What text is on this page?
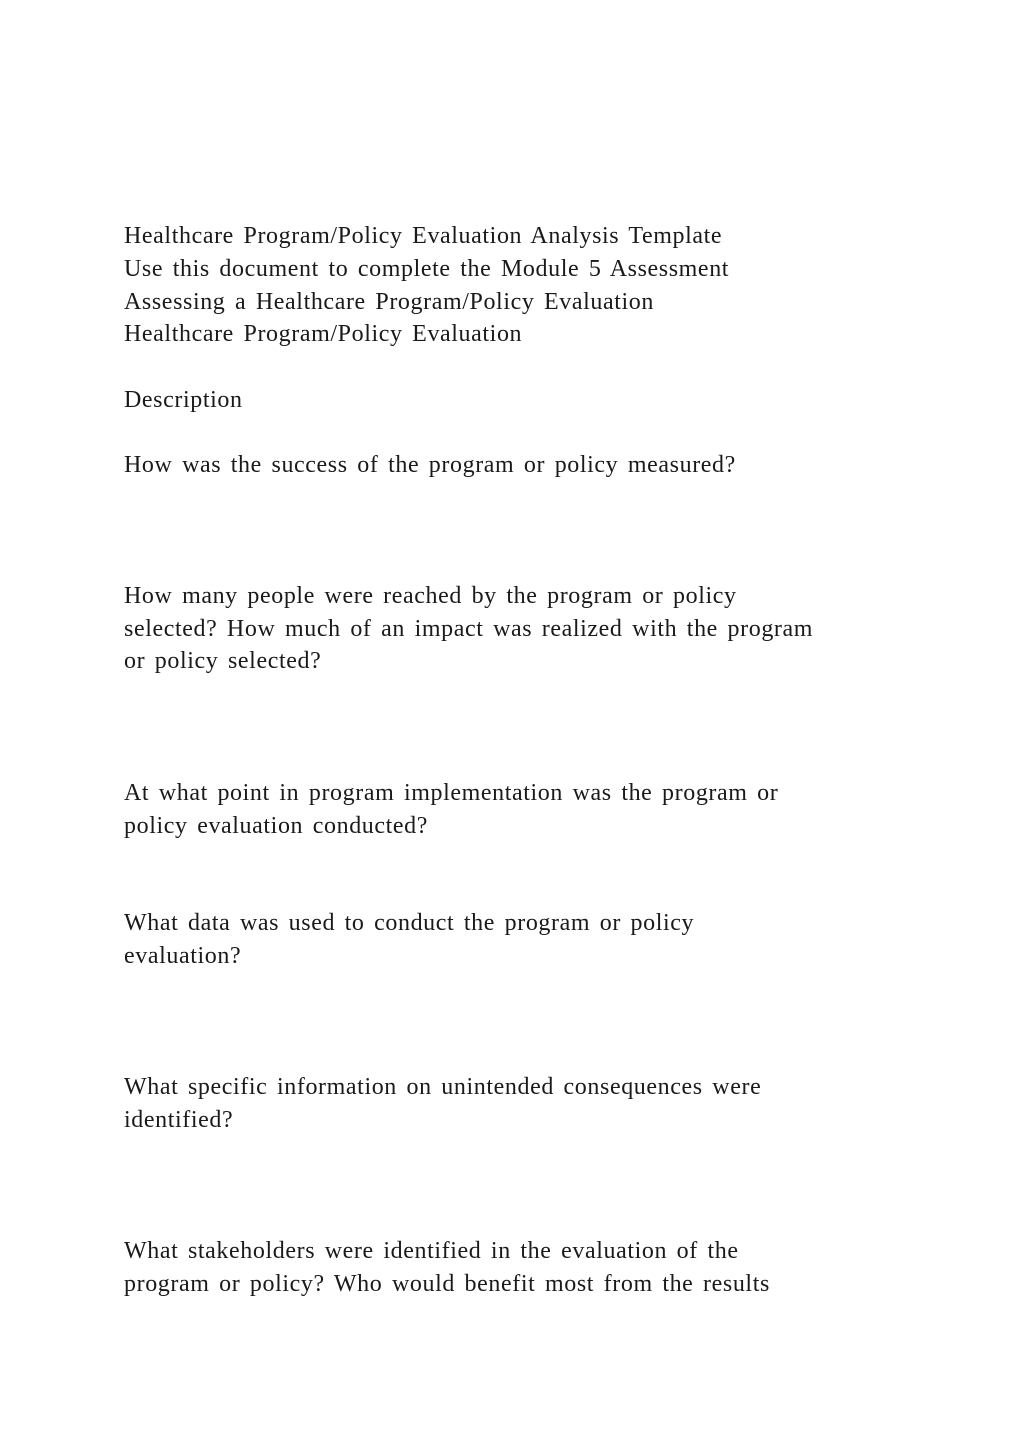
Healthcare Program/Policy Evaluation Analysis Template

Use this document to complete the Module 5 Assessment

Assessing a Healthcare Program/Policy Evaluation

Healthcare Program/Policy Evaluation

Description

How was the success of the program or policy measured?

How many people were reached by the program or policy

selected? How much of an impact was realized with the program

or policy selected?

At what point in program implementation was the program or

policy evaluation conducted?

What data was used to conduct the program or policy

evaluation?

What specific information on unintended consequences were

identified?

What stakeholders were identified in the evaluation of the

program or policy? Who would benefit most from the results
